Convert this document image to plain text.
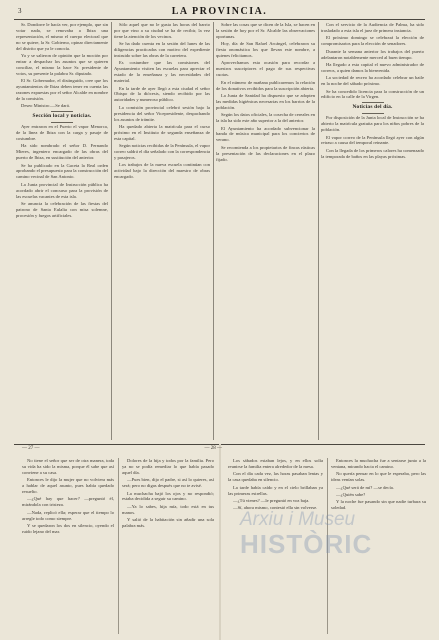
3	LA PROVINCIA.

Sr. Dondorre le hacía ver, por ejemplo, que sin votar nada, se renovaba a Ibiza una representación, el mismo el cuerpo electoral que no se quiere, la Sr. Gobierno, opinar directamente del distrito que ya le conocía.

Ya y se salieron de opinión que la moción por entrar a despachar los asuntos que se quieren conciliar, el mismo la hace Sr. presidente de votos, su presente la palabra Sr. diputado.

El Sr. Gobernador, el distinguido, cree que los ayuntamientos de Ibiza deben tener en cuenta las razones expuestas por el señor Alcalde en nombre de la comisión.

Deseo Ministro.—Se dará.

Sección local y noticias.

Ayer entraron en el Puerto el vapor Menorca, de la línea de Ibiza con la carga y pasaje de costumbre.

Ha sido nombrado el señor D. Fernando Mieres, ingeniero encargado de las obras del puerto de Ibiza, en sustitución del anterior.

Se ha publicado en la Gaceta la Real orden aprobando el presupuesto para la construcción del camino vecinal de San Antonio.

La Junta provincial de Instrucción pública ha acordado abrir el concurso para la provisión de las escuelas vacantes de esta isla.

Se anuncia la celebración de las fiestas del patrono de Santa Eulalia con misa solemne, procesión y fuegos artificiales.

Sólo aquel que no le gusta las horas del barrio por que vino a su ciudad se ha de recibir, la vez tiene la atención de los vecinos.

Se ha dado cuenta en la sesión del lunes de las diligencias practicadas con motivo del expediente instruido sobre las obras de la carretera.

Es costumbre que las comisiones del Ayuntamiento visiten las escuelas para apreciar el estado de la enseñanza y las necesidades del material.

En la tarde de ayer llegó a esta ciudad el señor Obispo de la diócesis, siendo recibido por las autoridades y numeroso público.

La comisión provincial celebró sesión bajo la presidencia del señor Vicepresidente, despachando los asuntos de trámite.

Ha quedado abierta la matrícula para el curso próximo en el Instituto de segunda enseñanza de esta capital.

Según noticias recibidas de la Península, el vapor correo saldrá el día señalado con la correspondencia y pasajeros.

Los trabajos de la nueva escuela continúan con actividad bajo la dirección del maestro de obras encargado.

Sobre las cosas que se dicen de la Isla, se hacen en la sesión de hoy por el Sr. Alcalde las observaciones oportunas.

Hoy, día de San Rafael Arcángel, celebraron su fiesta onomástica los que llevan este nombre, a quienes felicitamos.

Aprovechamos esta ocasión para recordar a nuestros suscriptores el pago de sus respectivas cuotas.

En el número de mañana publicaremos la relación de los donativos recibidos para la suscripción abierta.

La Junta de Sanidad ha dispuesto que se adopten las medidas higiénicas necesarias en los barrios de la población.

Según los datos oficiales, la cosecha de cereales en la isla ha sido este año superior a la del anterior.

El Ayuntamiento ha acordado subvencionar la banda de música municipal para los conciertos de verano.

Se recomienda a los propietarios de fincas rústicas la presentación de las declaraciones en el plazo fijado.

Con el servicio de la Audiencia de Palma, ha sido trasladado a esta isla el juez de primera instancia.

El próximo domingo se celebrará la elección de compromisarios para la elección de senadores.

Durante la semana anterior los trabajos del puerto adelantaron notablemente merced al buen tiempo.

Ha llegado a esta capital el nuevo administrador de correos, a quien damos la bienvenida.

La sociedad de recreo ha acordado celebrar un baile en la noche del sábado próximo.

Se ha concedido licencia para la construcción de un edificio en la calle de la Virgen.

Noticias del día.

Por disposición de la Junta local de Instrucción se ha abierto la matrícula gratuita para los niños pobres de la población.

El vapor correo de la Península llegó ayer con algún retraso a causa del temporal reinante.

Con la llegada de los primeros calores ha comenzado la temporada de baños en las playas próximas.

— 27 —	— 28 —

No tiene el señor que ser de otra manera, toda su vida ha sido la misma, porque él sabe que así conviene a su casa.

Entonces le dijo la mujer que no volviera más a hablar de aquel asunto, pues había quedado resuelto.

—¿Qué hay que hacer? —preguntó él, mirándola con tristeza.

—Nada, replicó ella; esperar que el tiempo lo arregle todo como siempre.

Y se quedaron los dos en silencio, oyendo el ruido lejano del mar.

Dolores de la hija y todos por la familia. Pero ya no se podía remediar lo que había pasado aquel día.

—Pues bien, dijo el padre, si así lo quieres, así será; pero no digas después que no te avisé.

La muchacha bajó los ojos y no respondió; estaba decidida a seguir su camino.

—Ya lo sabes, hija mía, todo está en tus manos.

Y salió de la habitación sin añadir una sola palabra más.

Los sábados estaban lejos, y en ellos solía reunirse la familia entera alrededor de la mesa.

Con el día cada vez, las horas pasaban lentas y la casa quedaba en silencio.

La tarde había caído y en el cielo brillaban ya las primeras estrellas.

—¿Tú vienes? —le preguntó en voz baja.

—Sí, ahora mismo, contestó ella sin volverse.

Entonces la muchacha fue a sentarse junto a la ventana, mirando hacia el camino.

No quería pensar en lo que le esperaba, pero las ideas venían solas.

—¿Qué será de mí? —se decía.

—¿Quién sabe?

Y la noche fue pasando sin que nadie turbara su soledad.

Arxiu i Museu
HISTÒRIC
